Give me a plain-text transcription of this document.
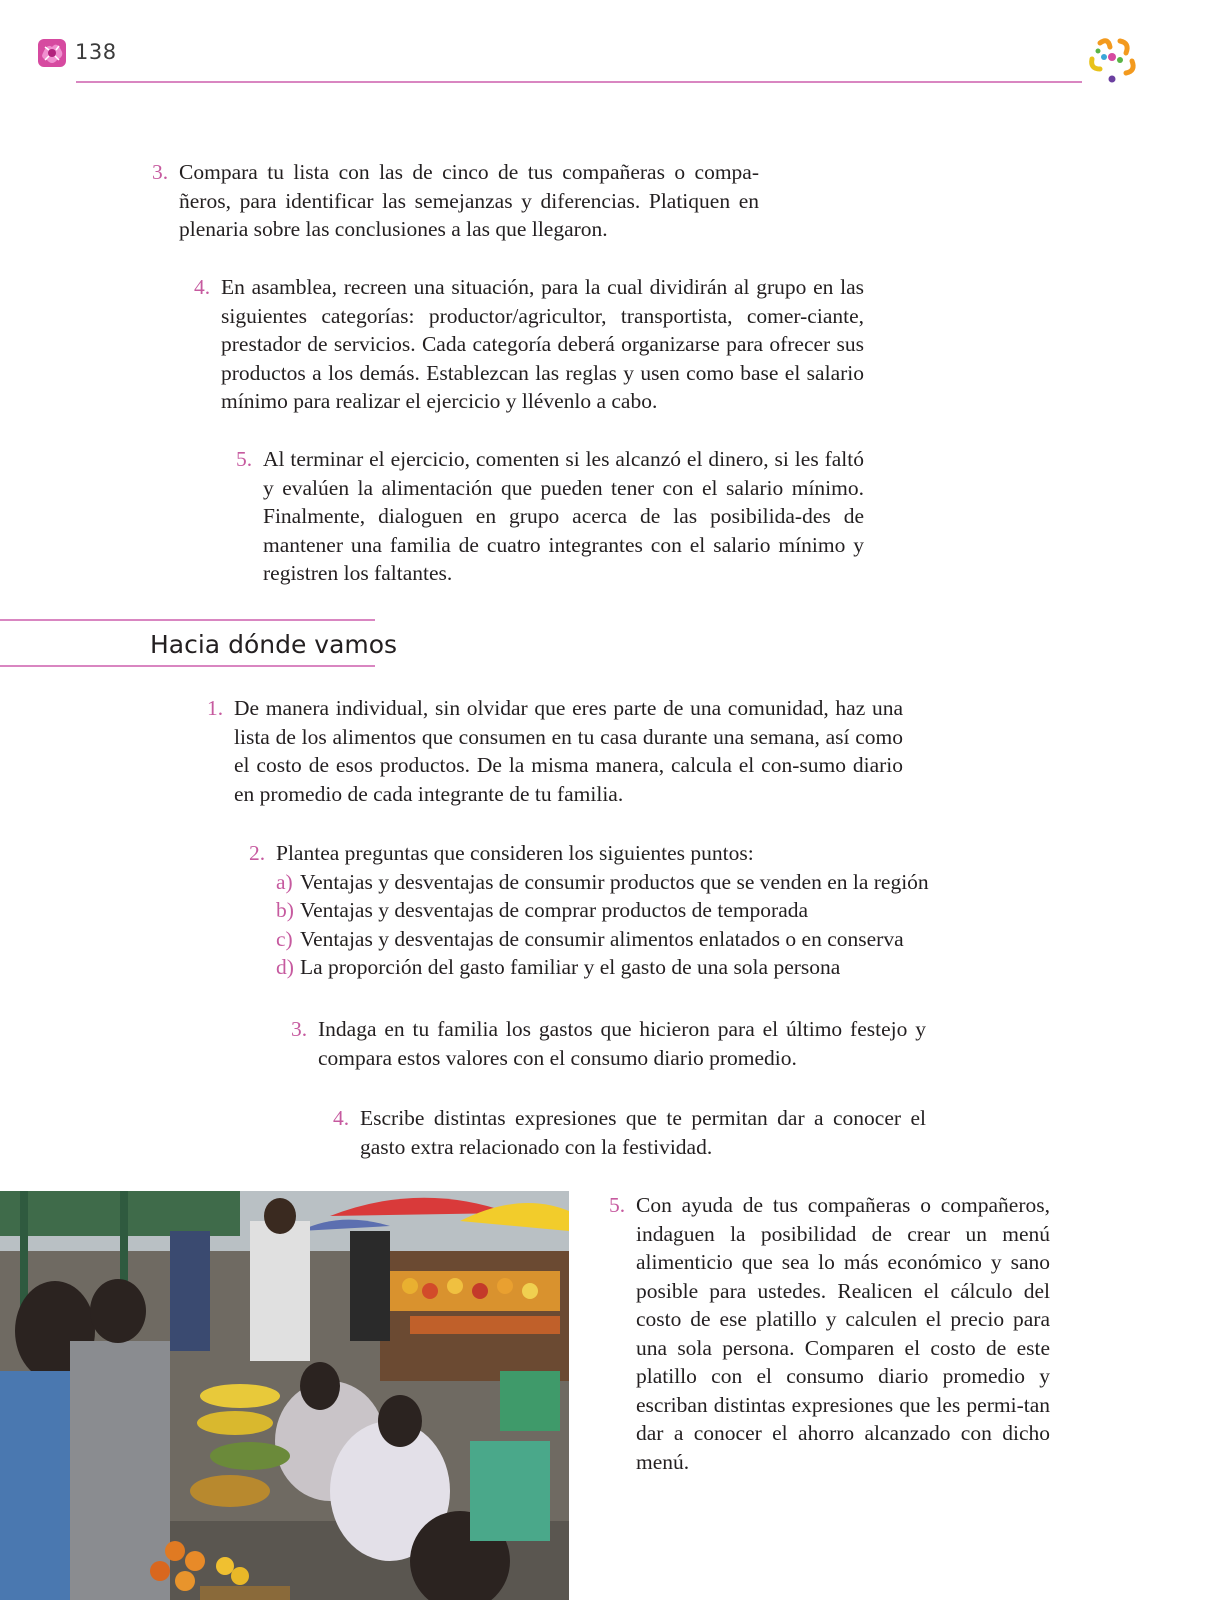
138
3. Compara tu lista con las de cinco de tus compañeras o compa-ñeros, para identificar las semejanzas y diferencias. Platiquen en plenaria sobre las conclusiones a las que llegaron.

4. En asamblea, recreen una situación, para la cual dividirán al grupo en las siguientes categorías: productor/agricultor, transportista, comer-ciante, prestador de servicios. Cada categoría deberá organizarse para ofrecer sus productos a los demás. Establezcan las reglas y usen como base el salario mínimo para realizar el ejercicio y llévenlo a cabo.

5. Al terminar el ejercicio, comenten si les alcanzó el dinero, si les faltó y evalúen la alimentación que pueden tener con el salario mínimo. Finalmente, dialoguen en grupo acerca de las posibilida-des de mantener una familia de cuatro integrantes con el salario mínimo y registren los faltantes.

Hacia dónde vamos
1. De manera individual, sin olvidar que eres parte de una comunidad, haz una lista de los alimentos que consumen en tu casa durante una semana, así como el costo de esos productos. De la misma manera, calcula el con-sumo diario en promedio de cada integrante de tu familia.

2. Plantea preguntas que consideren los siguientes puntos:

a) Ventajas y desventajas de consumir productos que se venden en la región
b) Ventajas y desventajas de comprar productos de temporada
c) Ventajas y desventajas de consumir alimentos enlatados o en conserva
d) La proporción del gasto familiar y el gasto de una sola persona
3. Indaga en tu familia los gastos que hicieron para el último festejo y compara estos valores con el consumo diario promedio.

4. Escribe distintas expresiones que te permitan dar a conocer el gasto extra relacionado con la festividad.

5. Con ayuda de tus compañeras o compañeros, indaguen la posibilidad de crear un menú alimenticio que sea lo más económico y sano posible para ustedes. Realicen el cálculo del costo de ese platillo y calculen el precio para una sola persona. Comparen el costo de este platillo con el consumo diario promedio y escriban distintas expresiones que les permi-tan dar a conocer el ahorro alcanzado con dicho menú.
